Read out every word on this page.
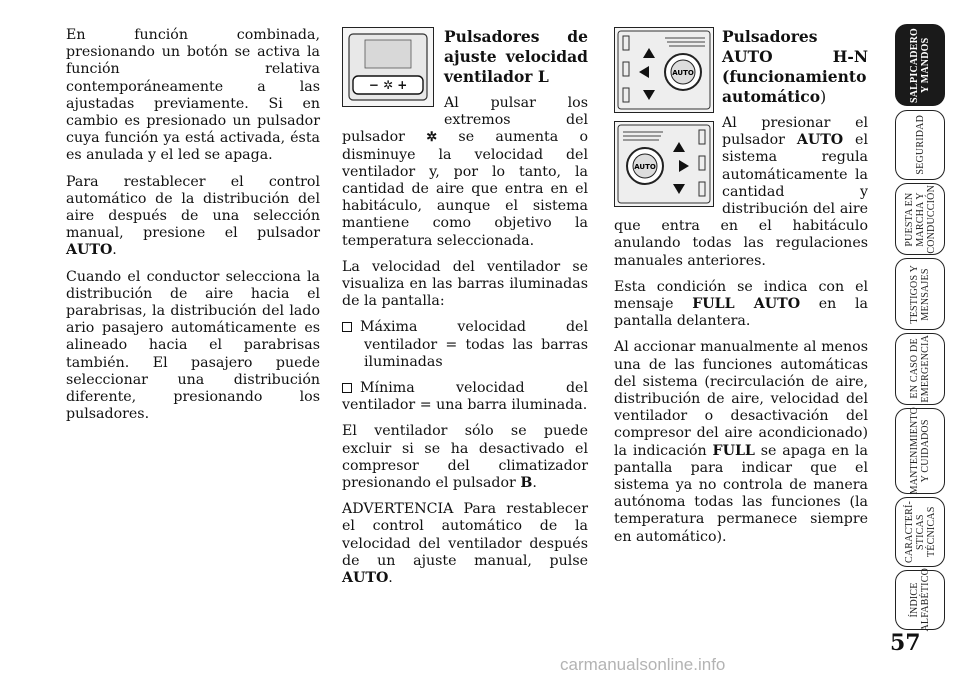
En función combinada, presionando un botón se activa la función relativa contemporáneamente a las ajustadas previamente. Si en cambio es presionado un pulsador cuya función ya está activada, ésta es anulada y el led se apaga.

Para restablecer el control automático de la distribución del aire después de una selección manual, presione el pulsador AUTO.

Cuando el conductor selecciona la distribución de aire hacia el parabrisas, la distribución del lado ario pasajero automáticamente es alineado hacia el parabrisas también. El pasajero puede seleccionar una distribución diferente, presionando los pulsadores.

− ✲ +
Pulsadores de ajuste velocidad ventilador L

Al pulsar los extremos del pulsador ✲ se aumenta o disminuye la velocidad del ventilador y, por lo tanto, la cantidad de aire que entra en el habitáculo, aunque el sistema mantiene como objetivo la temperatura seleccionada.

La velocidad del ventilador se visualiza en las barras iluminadas de la pantalla:

Máxima velocidad del ventilador = todas las barras iluminadas

Mínima velocidad del ventilador = una barra iluminada.

El ventilador sólo se puede excluir si se ha desactivado el compresor del climatizador presionando el pulsador B.

ADVERTENCIA Para restablecer el control automático de la velocidad del ventilador después de un ajuste manual, pulse AUTO.

AUTO
AUTO
Pulsadores AUTO H-N (funcionamiento automático)

Al presionar el pulsador AUTO el sistema regula automáticamente la cantidad y distribución del aire que entra en el habitáculo anulando todas las regulaciones manuales anteriores.

Esta condición se indica con el mensaje FULL AUTO en la pantalla delantera.

Al accionar manualmente al menos una de las funciones automáticas del sistema (recirculación de aire, distribución de aire, velocidad del ventilador o desactivación del compresor del aire acondicionado) la indicación FULL se apaga en la pantalla para indicar que el sistema ya no controla de manera autónoma todas las funciones (la temperatura permanece siempre en automático).

SALPICADERO
Y MANDOS
SEGURIDAD
PUESTA EN
MARCHA Y
CONDUCCIÓN
TESTIGOS Y
MENSAJES
EN CASO DE
EMERGENCIA
MANTENIMIENTO
Y CUIDADOS
CARACTERÍ-
STICAS
TÉCNICAS
ÍNDICE
ALFABÉTICO
57
carmanualsonline.info
